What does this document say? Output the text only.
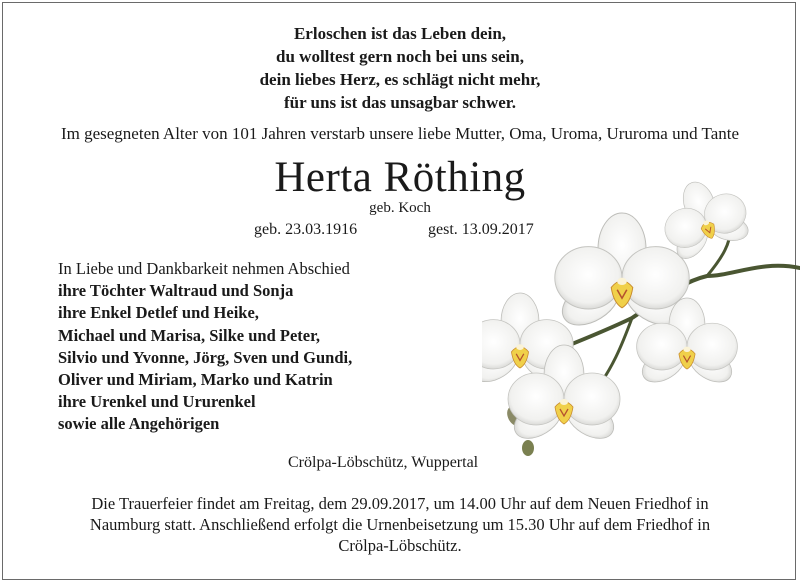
Erloschen ist das Leben dein,
du wolltest gern noch bei uns sein,
dein liebes Herz, es schlägt nicht mehr,
für uns ist das unsagbar schwer.
Im gesegneten Alter von 101 Jahren verstarb unsere liebe Mutter, Oma, Uroma, Ururoma und Tante
Herta Röthing
geb. Koch
geb. 23.03.1916	gest. 13.09.2017
In Liebe und Dankbarkeit nehmen Abschied
ihre Töchter Waltraud und Sonja
ihre Enkel Detlef und Heike,
Michael und Marisa, Silke und Peter,
Silvio und Yvonne, Jörg, Sven und Gundi,
Oliver und Miriam, Marko und Katrin
ihre Urenkel und Ururenkel
sowie alle Angehörigen
Crölpa-Löbschütz, Wuppertal
Die Trauerfeier findet am Freitag, dem 29.09.2017, um 14.00 Uhr auf dem Neuen Friedhof in
Naumburg statt. Anschließend erfolgt die Urnenbeisetzung um 15.30 Uhr auf dem Friedhof in
Crölpa-Löbschütz.
